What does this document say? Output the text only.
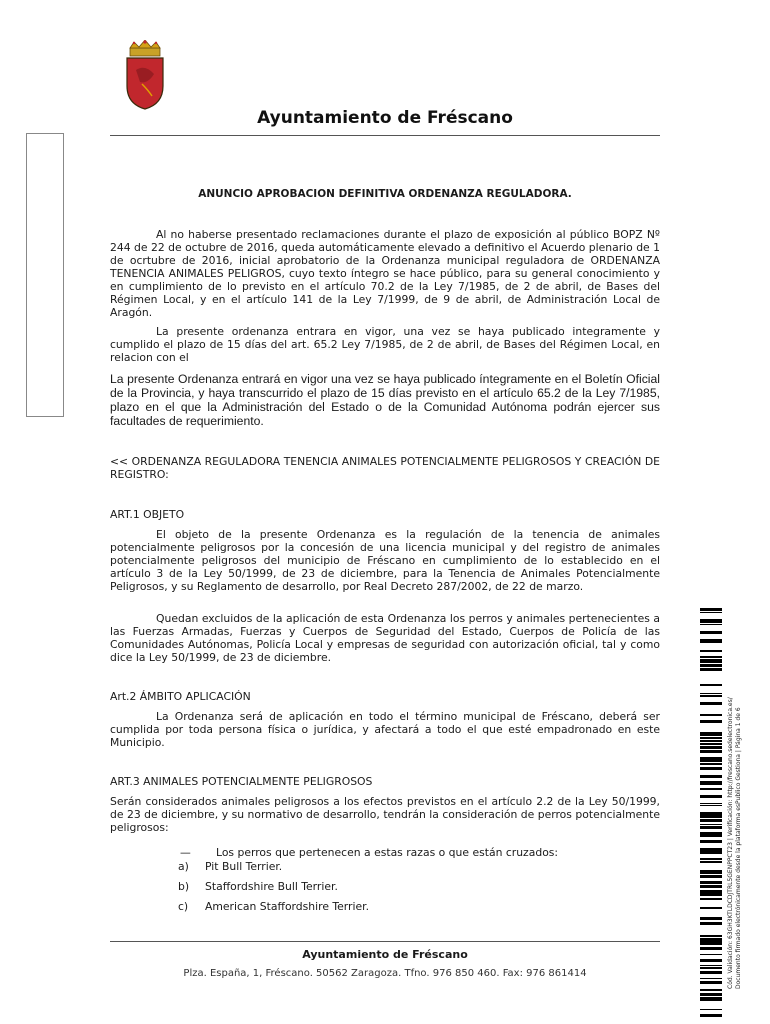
Ayuntamiento de Fréscano
ANUNCIO APROBACION DEFINITIVA ORDENANZA REGULADORA.

Al no haberse presentado reclamaciones durante el plazo de exposición al público BOPZ Nº 244 de 22 de octubre de 2016, queda automáticamente elevado a definitivo el Acuerdo plenario de 1 de ocrtubre de 2016, inicial aprobatorio de la Ordenanza municipal reguladora de ORDENANZA TENENCIA ANIMALES PELIGROS, cuyo texto íntegro se hace público, para su general conocimiento y en cumplimiento de lo previsto en el artículo 70.2 de la Ley 7/1985, de 2 de abril, de Bases del Régimen Local, y en el artículo 141 de la Ley 7/1999, de 9 de abril, de Administración Local de Aragón.

La presente ordenanza entrara en vigor, una vez se haya publicado integramente y cumplido el plazo de 15 días del art. 65.2 Ley 7/1985, de 2 de abril, de Bases del Régimen Local, en relacion con el

La presente Ordenanza entrará en vigor una vez se haya publicado íntegramente en el Boletín Oficial de la Provincia, y haya transcurrido el plazo de 15 días previsto en el artículo 65.2 de la Ley 7/1985, plazo en el que la Administración del Estado o de la Comunidad Autónoma podrán ejercer sus facultades de requerimiento.

<< ORDENANZA REGULADORA TENENCIA ANIMALES POTENCIALMENTE PELIGROSOS Y CREACIÓN DE REGISTRO:

ART.1 OBJETO

El objeto de la presente Ordenanza es la regulación de la tenencia de animales potencialmente peligrosos por la concesión de una licencia municipal y del registro de animales potencialmente peligrosos del municipio de Fréscano en cumplimiento de lo establecido en el artículo 3 de la Ley 50/1999, de 23 de diciembre, para la Tenencia de Animales Potencialmente Peligrosos, y su Reglamento de desarrollo, por Real Decreto 287/2002, de 22 de marzo.

Quedan excluidos de la aplicación de esta Ordenanza los perros y animales pertenecientes a las Fuerzas Armadas, Fuerzas y Cuerpos de Seguridad del Estado, Cuerpos de Policía de las Comunidades Autónomas, Policía Local y empresas de seguridad con autorización oficial, tal y como dice la Ley 50/1999, de 23 de diciembre.

Art.2 ÁMBITO APLICACIÓN

La Ordenanza será de aplicación en todo el término municipal de Fréscano, deberá ser cumplida por toda persona física o jurídica, y afectará a todo el que esté empadronado en este Municipio.

ART.3 ANIMALES POTENCIALMENTE PELIGROSOS

Serán considerados animales peligrosos a los efectos previstos en el artículo 2.2 de la Ley 50/1999, de 23 de diciembre, y su normativo de desarrollo, tendrán la consideración de perros potencialmente peligrosos:

— Los perros que pertenecen a estas razas o que están cruzados:
a) Pit Bull Terrier.
b) Staffordshire Bull Terrier.
c) American Staffordshire Terrier.
Ayuntamiento de Fréscano
Plza. España, 1, Fréscano. 50562 Zaragoza. Tfno. 976 850 460. Fax: 976 861414	Cód. Validación: 63GH3KTLDCDJTRL5GENPPCT23 | Verificación: http://frescano.sedelectronica.es/ Documento firmado electrónicamente desde la plataforma esPublico Gestiona | Página 1 de 6
